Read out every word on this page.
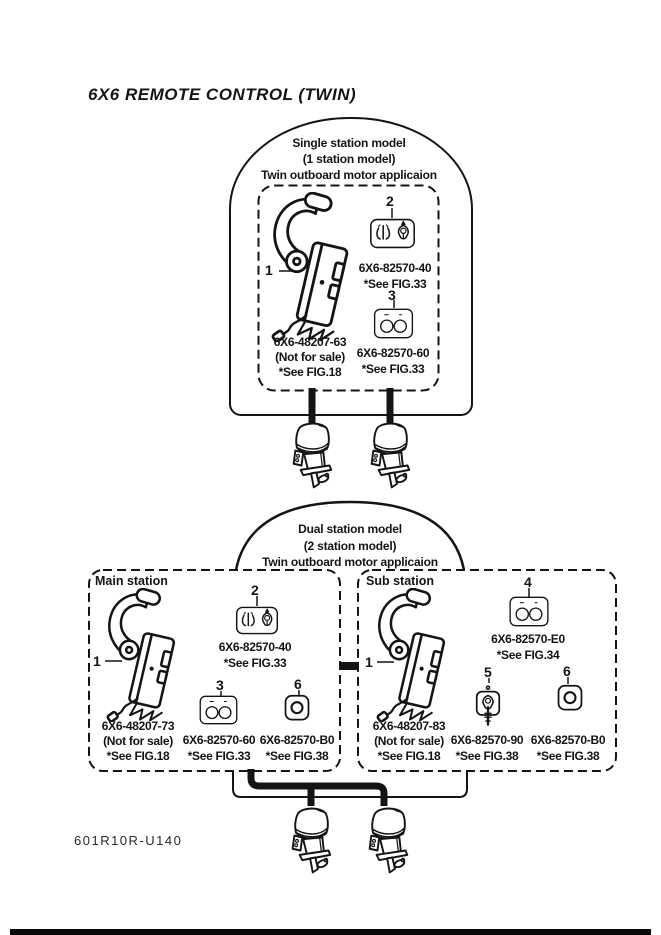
6X6 REMOTE CONTROL (TWIN)
601R10R-U140
Single station model
(1 station model)
Twin outboard motor applicaion
Dual station model
(2 station model)
Twin outboard motor applicaion
1
6X6-48207-63
(Not for sale)
*See FIG.18
2
6X6-82570-40
*See FIG.33
3
6X6-82570-60
*See FIG.33
Main station
1
6X6-48207-73
(Not for sale)
*See FIG.18
2
6X6-82570-40
*See FIG.33
3
6X6-82570-60
*See FIG.33
6
6X6-82570-B0
*See FIG.38
Sub station
1
6X6-48207-83
(Not for sale)
*See FIG.18
4
6X6-82570-E0
*See FIG.34
5
6X6-82570-90
*See FIG.38
6
6X6-82570-B0
*See FIG.38
